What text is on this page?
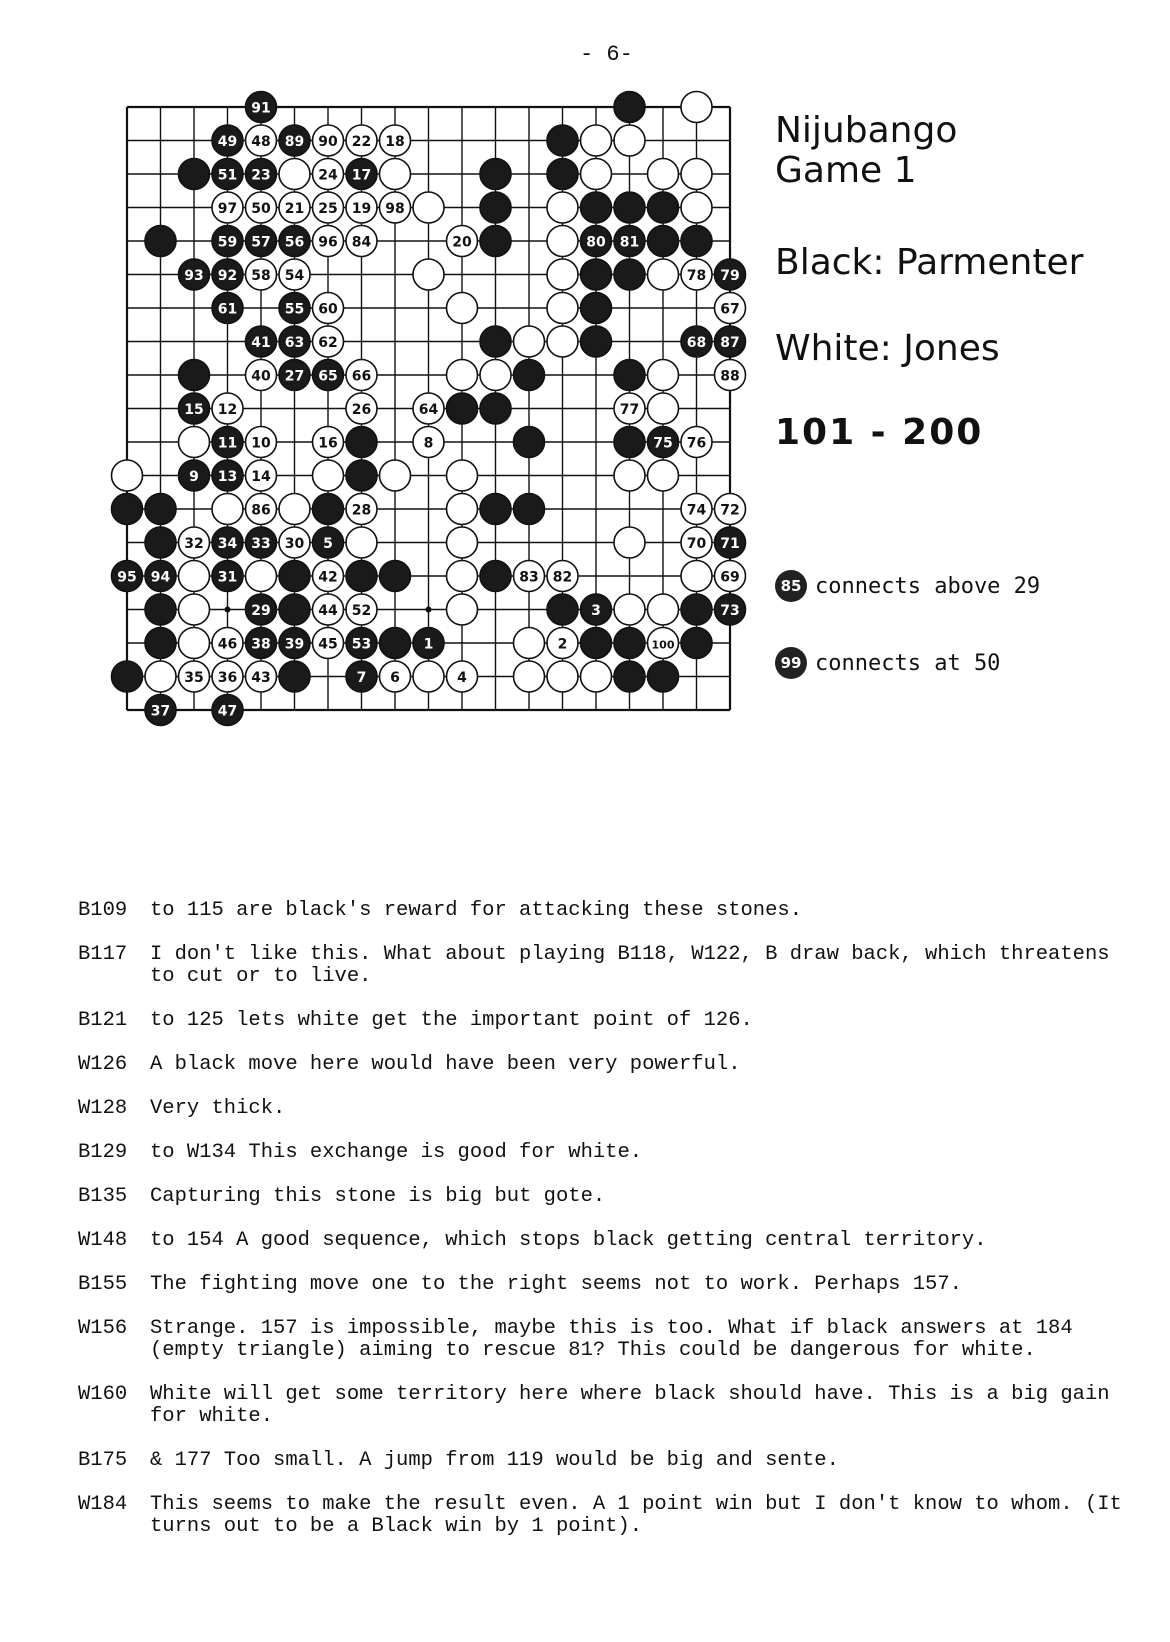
- 6-
91
49 48 89 90 22 18
51 23	24 17
97 50 21 25 19 98
59 57 56 96 84	20	80 81
93 92 58 54	78 79
61	55 60	67
41 63 62	68 87
40 27 65 66	88
15 12	26	64	77
11 10	16	8	75 76
9 13 14
86	28	74 72
32 34 33 30 5	70 71
95 94	31	42	83 82	69
29	44 52	3	73
46 38 39 45 53	1	2	100
35 36 43	7 6	4
37	47
Nijubango
Game 1
Black: Parmenter
White: Jones
101 - 200
85 connects above 29
99 connects at 50
B109	to 115 are black's reward for attacking these stones.
B117	I don't like this. What about playing B118, W122, B draw back, which threatens to cut or to live.
B121	to 125 lets white get the important point of 126.
W126	A black move here would have been very powerful.
W128	Very thick.
B129	to W134 This exchange is good for white.
B135	Capturing this stone is big but gote.
W148	to 154 A good sequence, which stops black getting central territory.
B155	The fighting move one to the right seems not to work. Perhaps 157.
W156	Strange. 157 is impossible, maybe this is too. What if black answers at 184 (empty triangle) aiming to rescue 81? This could be dangerous for white.
W160	White will get some territory here where black should have. This is a big gain for white.
B175	& 177 Too small. A jump from 119 would be big and sente.
W184	This seems to make the result even. A 1 point win but I don't know to whom. (It turns out to be a Black win by 1 point).
